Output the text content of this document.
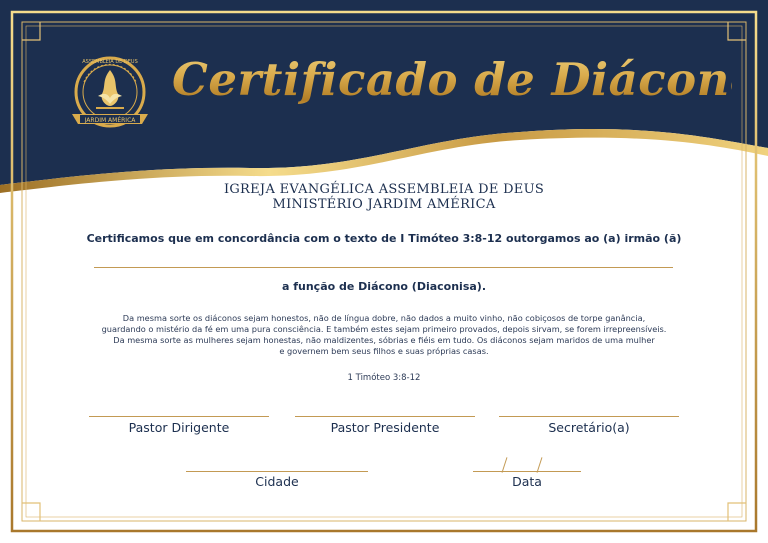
JARDIM AMÉRICA
ASSEMBLEIA DE DEUS Certificado de Diácono
IGREJA EVANGÉLICA ASSEMBLEIA DE DEUS
MINISTÉRIO JARDIM AMÉRICA
Certificamos que em concordância com o texto de I Timóteo 3:8-12 outorgamos ao (a) irmão (ã)
a função de Diácono (Diaconisa).
Da mesma sorte os diáconos sejam honestos, não de língua dobre, não dados a muito vinho, não cobiçosos de torpe ganância,
guardando o mistério da fé em uma pura consciência. E também estes sejam primeiro provados, depois sirvam, se forem irrepreensíveis.
Da mesma sorte as mulheres sejam honestas, não maldizentes, sóbrias e fiéis em tudo. Os diáconos sejam maridos de uma mulher
e governem bem seus filhos e suas próprias casas.
1 Timóteo 3:8-12
Pastor Dirigente	Pastor Presidente	Secretário(a)
Cidade	Data
